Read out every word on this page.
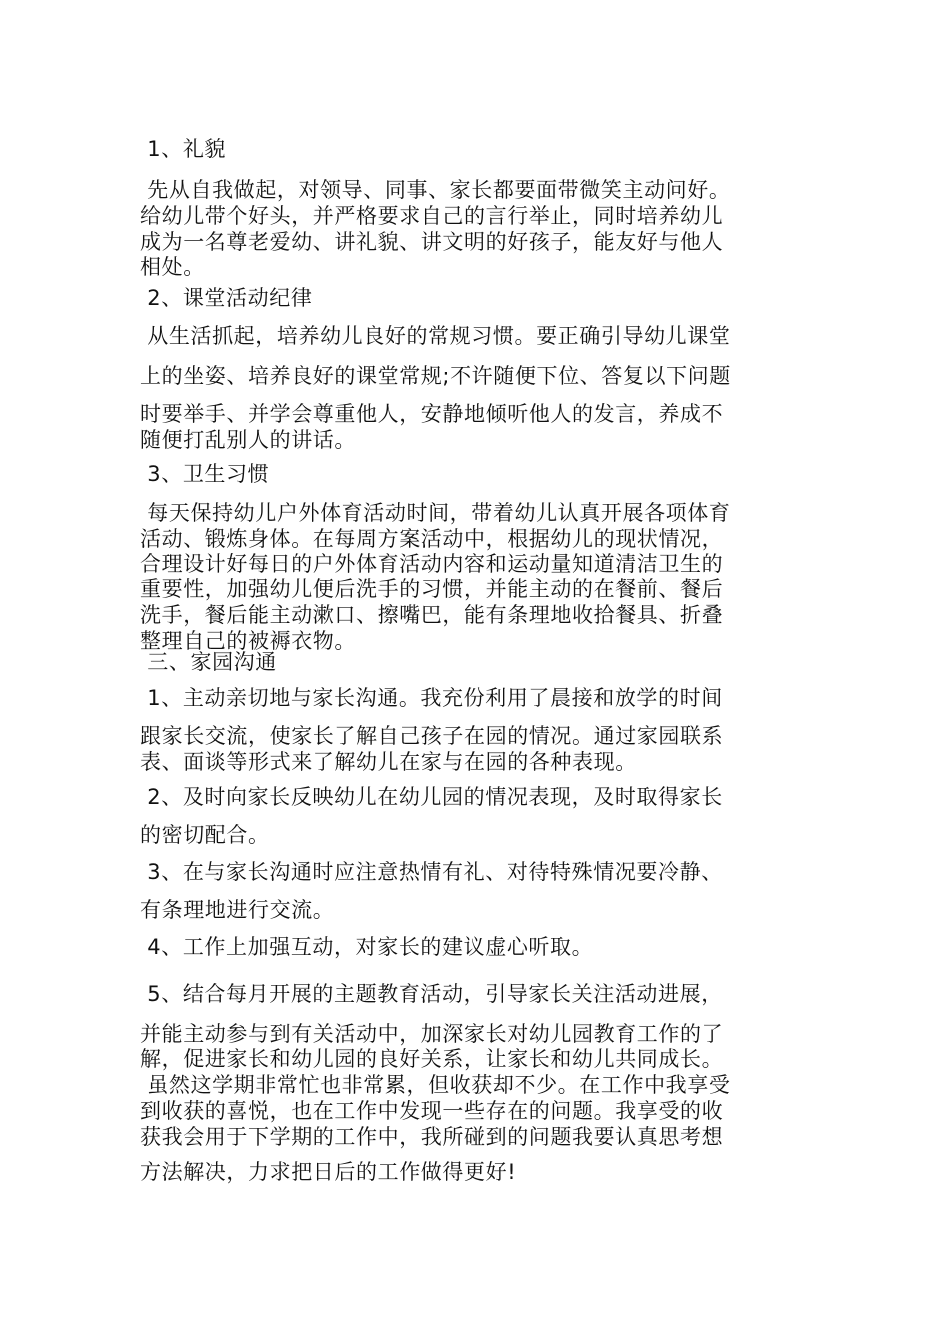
1、礼貌
先从自我做起，对领导、同事、家长都要面带微笑主动问好。
给幼儿带个好头，并严格要求自己的言行举止，同时培养幼儿
成为一名尊老爱幼、讲礼貌、讲文明的好孩子，能友好与他人
相处。
2、课堂活动纪律
从生活抓起，培养幼儿良好的常规习惯。要正确引导幼儿课堂
上的坐姿、培养良好的课堂常规;不许随便下位、答复以下问题
时要举手、并学会尊重他人，安静地倾听他人的发言，养成不
随便打乱别人的讲话。
3、卫生习惯
每天保持幼儿户外体育活动时间，带着幼儿认真开展各项体育
活动、锻炼身体。在每周方案活动中，根据幼儿的现状情况，
合理设计好每日的户外体育活动内容和运动量知道清洁卫生的
重要性，加强幼儿便后洗手的习惯，并能主动的在餐前、餐后
洗手，餐后能主动漱口、擦嘴巴，能有条理地收拾餐具、折叠
整理自己的被褥衣物。
三、家园沟通
1、主动亲切地与家长沟通。我充份利用了晨接和放学的时间
跟家长交流，使家长了解自己孩子在园的情况。通过家园联系
表、面谈等形式来了解幼儿在家与在园的各种表现。
2、及时向家长反映幼儿在幼儿园的情况表现，及时取得家长
的密切配合。
3、在与家长沟通时应注意热情有礼、对待特殊情况要冷静、
有条理地进行交流。
4、工作上加强互动，对家长的建议虚心听取。
5、结合每月开展的主题教育活动，引导家长关注活动进展，
并能主动参与到有关活动中，加深家长对幼儿园教育工作的了
解，促进家长和幼儿园的良好关系，让家长和幼儿共同成长。
虽然这学期非常忙也非常累，但收获却不少。在工作中我享受
到收获的喜悦，也在工作中发现一些存在的问题。我享受的收
获我会用于下学期的工作中，我所碰到的问题我要认真思考想
方法解决，力求把日后的工作做得更好!
